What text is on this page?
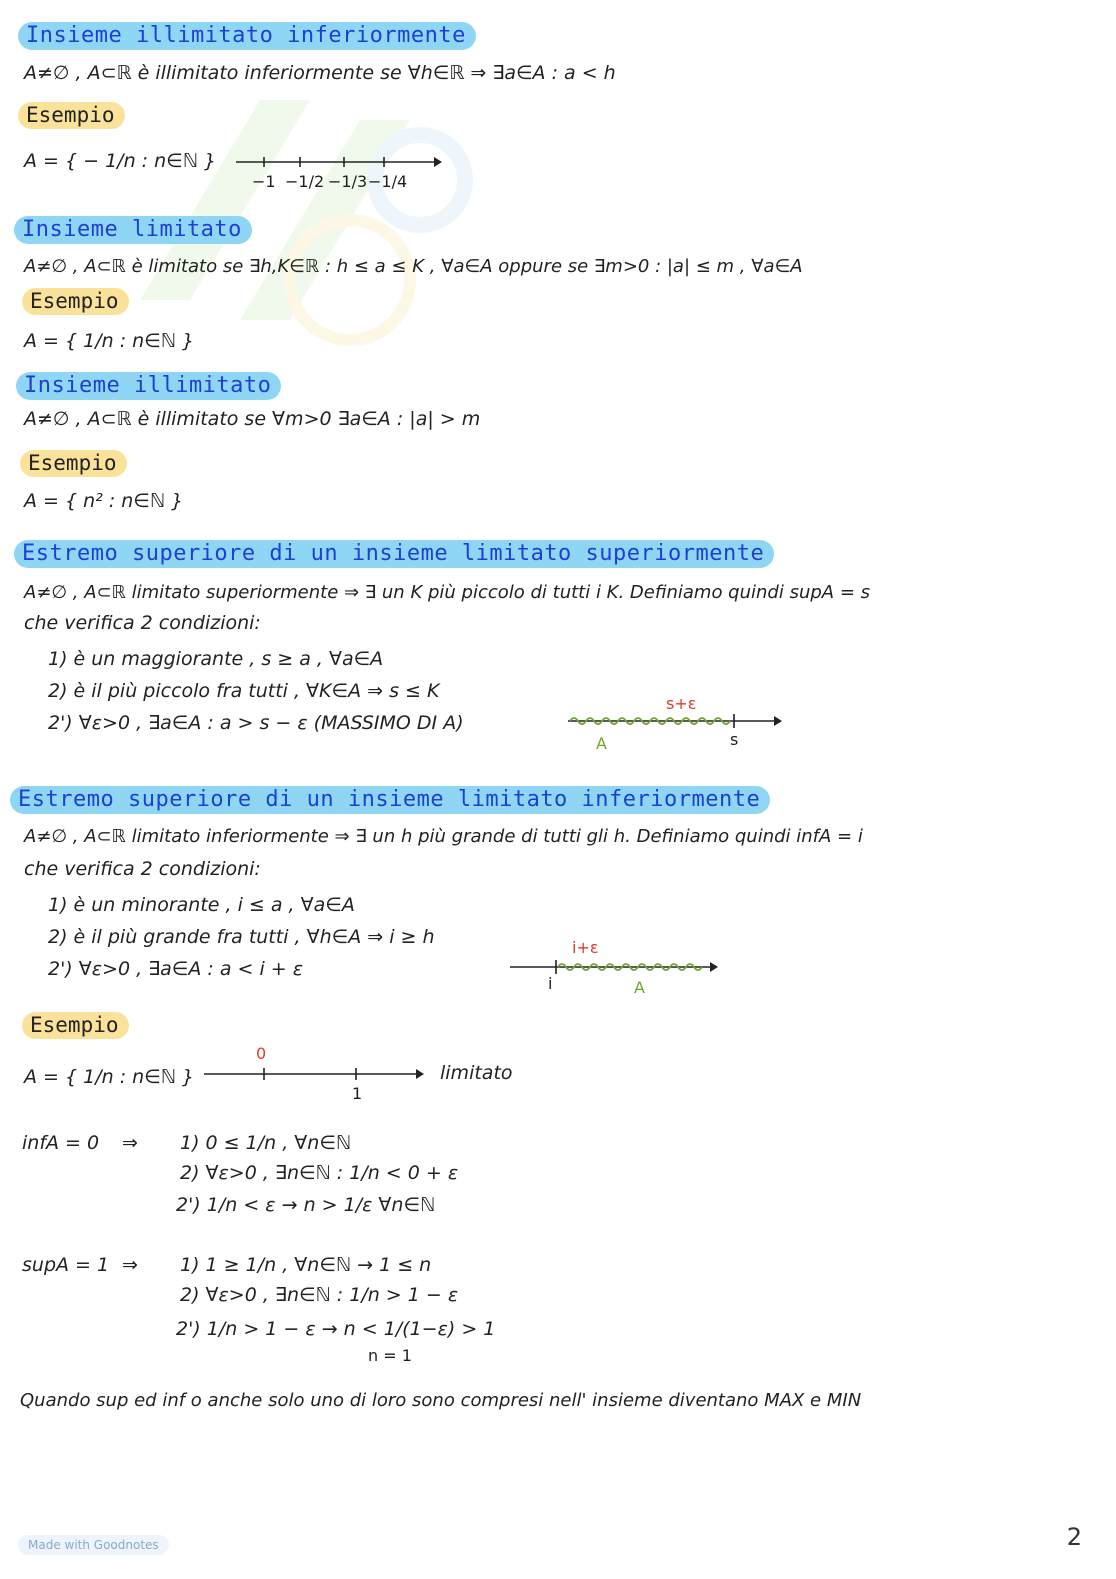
Insieme illimitato inferiormente
A≠∅ , A⊂ℝ è illimitato inferiormente se ∀h∈ℝ ⇒ ∃a∈A : a < h
Esempio
A = { − 1/n : n∈ℕ }
−1 −1/2 −1/3 −1/4
Insieme limitato
A≠∅ , A⊂ℝ è limitato se ∃h,K∈ℝ : h ≤ a ≤ K , ∀a∈A oppure se ∃m>0 : |a| ≤ m , ∀a∈A
Esempio
A = { 1/n : n∈ℕ }
Insieme illimitato
A≠∅ , A⊂ℝ è illimitato se ∀m>0 ∃a∈A : |a| > m
Esempio
A = { n² : n∈ℕ }
Estremo superiore di un insieme limitato superiormente
A≠∅ , A⊂ℝ limitato superiormente ⇒ ∃ un K più piccolo di tutti i K. Definiamo quindi supA = s
che verifica 2 condizioni:
1) è un maggiorante , s ≥ a , ∀a∈A
2) è il più piccolo fra tutti , ∀K∈A ⇒ s ≤ K
2') ∀ε>0 , ∃a∈A : a > s − ε (MASSIMO DI A)
s+ε
A	s
Estremo superiore di un insieme limitato inferiormente
A≠∅ , A⊂ℝ limitato inferiormente ⇒ ∃ un h più grande di tutti gli h. Definiamo quindi infA = i
che verifica 2 condizioni:
1) è un minorante , i ≤ a , ∀a∈A
2) è il più grande fra tutti , ∀h∈A ⇒ i ≥ h
2') ∀ε>0 , ∃a∈A : a < i + ε
i+ε
i	A
Esempio
A = { 1/n : n∈ℕ }
0
1
limitato
infA = 0 ⇒ 1) 0 ≤ 1/n , ∀n∈ℕ
2) ∀ε>0 , ∃n∈ℕ : 1/n < 0 + ε
2') 1/n < ε → n > 1/ε ∀n∈ℕ
supA = 1 ⇒ 1) 1 ≥ 1/n , ∀n∈ℕ → 1 ≤ n
2) ∀ε>0 , ∃n∈ℕ : 1/n > 1 − ε
2') 1/n > 1 − ε → n < 1/(1−ε) > 1
n = 1
Quando sup ed inf o anche solo uno di loro sono compresi nell' insieme diventano MAX e MIN
Made with Goodnotes	2
